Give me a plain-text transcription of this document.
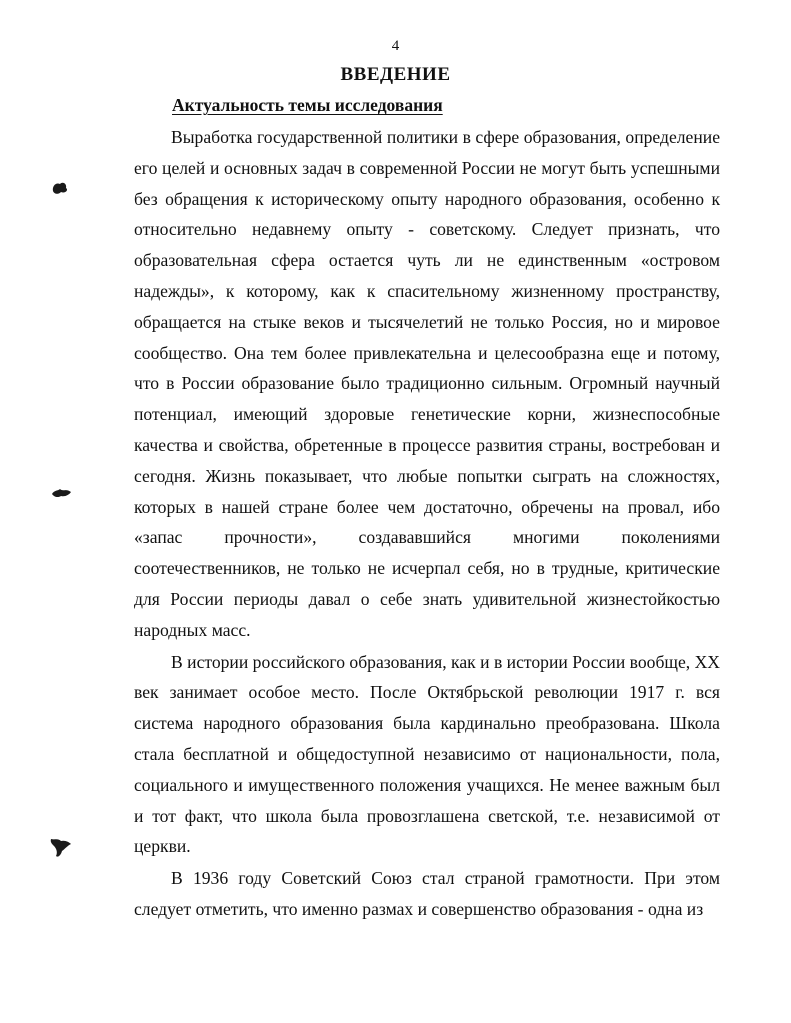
4
ВВЕДЕНИЕ
Актуальность темы исследования

Выработка государственной политики в сфере образования, определение его целей и основных задач в современной России не могут быть успешными без обращения к историческому опыту народного образования, особенно к относительно недавнему опыту - советскому. Следует признать, что образовательная сфера остается чуть ли не единственным «островом надежды», к которому, как к спасительному жизненному пространству, обращается на стыке веков и тысячелетий не только Россия, но и мировое сообщество. Она тем более привлекательна и целесообразна еще и потому, что в России образование было традиционно сильным. Огромный научный потенциал, имеющий здоровые генетические корни, жизнеспособные качества и свойства, обретенные в процессе развития страны, востребован и сегодня. Жизнь показывает, что любые попытки сыграть на сложностях, которых в нашей стране более чем достаточно, обречены на провал, ибо «запас прочности», создававшийся многими поколениями соотечественников, не только не исчерпал себя, но в трудные, критические для России периоды давал о себе знать удивительной жизнестойкостью народных масс.

В истории российского образования, как и в истории России вообще, XX век занимает особое место. После Октябрьской революции 1917 г. вся система народного образования была кардинально преобразована. Школа стала бесплатной и общедоступной независимо от национальности, пола, социального и имущественного положения учащихся. Не менее важным был и тот факт, что школа была провозглашена светской, т.е. независимой от церкви.

В 1936 году Советский Союз стал страной грамотности. При этом следует отметить, что именно размах и совершенство образования - одна из
